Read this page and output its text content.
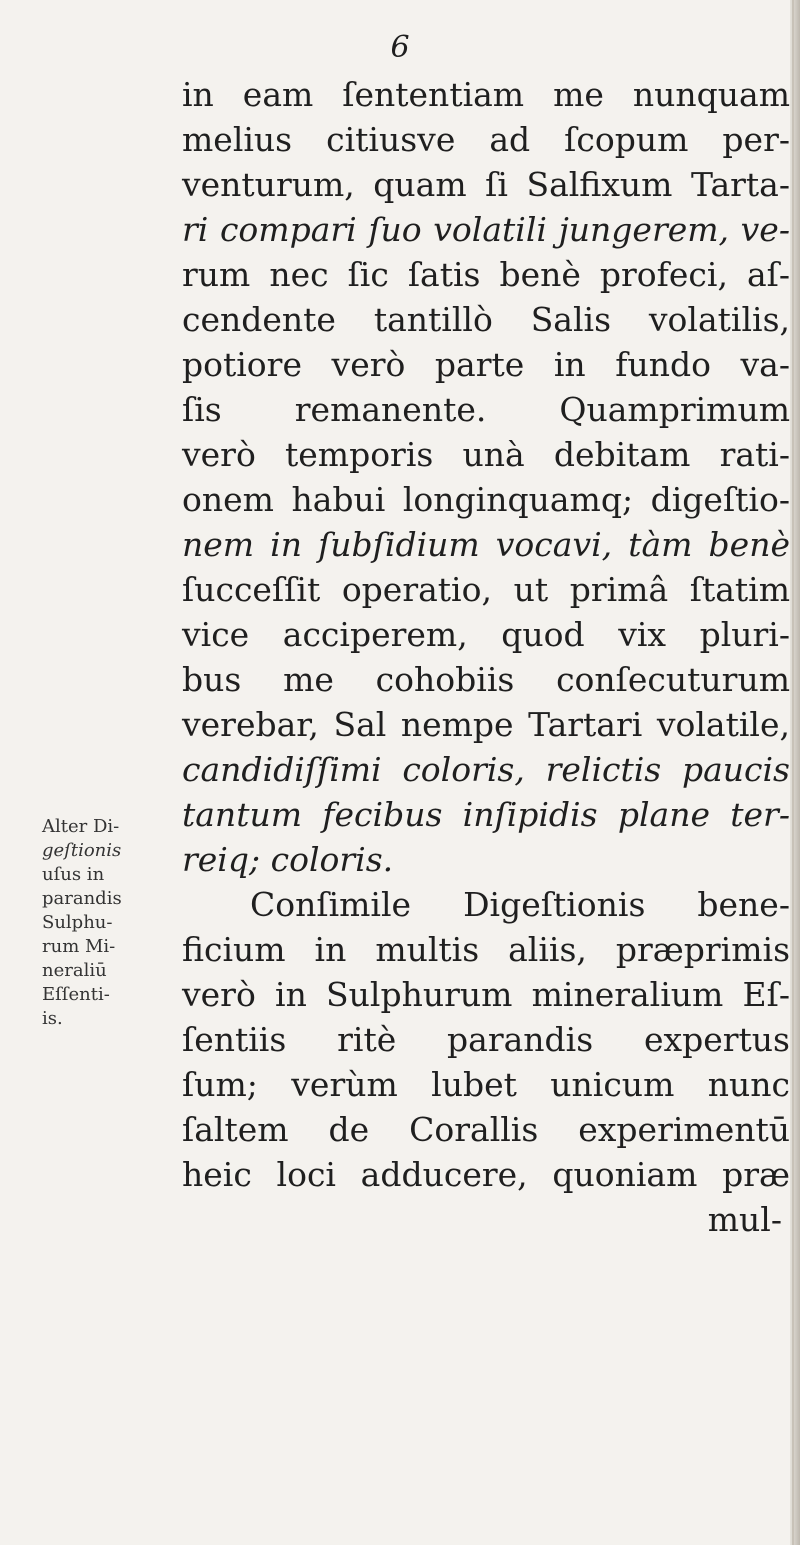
6
in eam ſententiam me nunquam
melius citiusve ad ſcopum per-
venturum, quam ſi Salfixum Tarta-
ri compari ſuo volatili jungerem, ve-
rum nec ſic ſatis benè profeci, aſ-
cendente tantillò Salis volatilis,
potiore verò parte in fundo va-
ſis remanente. Quamprimum
verò temporis unà debitam rati-
onem habui longinquamq; digeſtio-
nem in ſubſidium vocavi, tàm benè
ſucceſſit operatio, ut primâ ſtatim
vice acciperem, quod vix pluri-
bus me cohobiis conſecuturum
verebar, Sal nempe Tartari volatile,
candidiſſimi coloris, relictis paucis
tantum fecibus inſipidis plane ter-
reiq; coloris.
Conſimile Digeſtionis bene-
ficium in multis aliis, præprimis
verò in Sulphurum mineralium Eſ-
ſentiis ritè parandis expertus
ſum; verùm lubet unicum nunc
ſaltem de Corallis experimentū
heic loci adducere, quoniam præ
mul-
Alter Di-
geſtionis
uſus in
parandis
Sulphu-
rum Mi-
neraliū
Eſſenti-
is.
